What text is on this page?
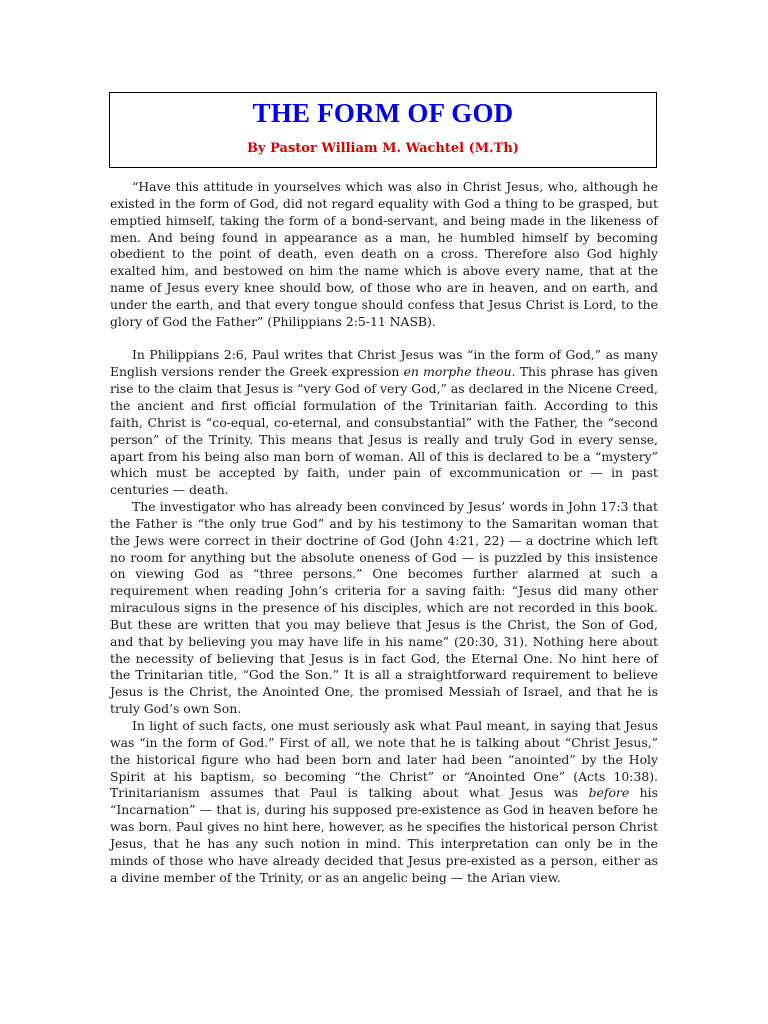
THE FORM OF GOD

By Pastor William M. Wachtel (M.Th)

“Have this attitude in yourselves which was also in Christ Jesus, who, although he existed in the form of God, did not regard equality with God a thing to be grasped, but emptied himself, taking the form of a bond-servant, and being made in the likeness of men. And being found in appearance as a man, he humbled himself by becoming obedient to the point of death, even death on a cross. Therefore also God highly exalted him, and bestowed on him the name which is above every name, that at the name of Jesus every knee should bow, of those who are in heaven, and on earth, and under the earth, and that every tongue should confess that Jesus Christ is Lord, to the glory of God the Father” (Philippians 2:5-11 NASB).

In Philippians 2:6, Paul writes that Christ Jesus was “in the form of God,” as many English versions render the Greek expression en morphe theou. This phrase has given rise to the claim that Jesus is “very God of very God,” as declared in the Nicene Creed, the ancient and first official formulation of the Trinitarian faith. According to this faith, Christ is “co-equal, co-eternal, and consubstantial” with the Father, the “second person” of the Trinity. This means that Jesus is really and truly God in every sense, apart from his being also man born of woman. All of this is declared to be a “mystery” which must be accepted by faith, under pain of excommunication or — in past centuries — death.

The investigator who has already been convinced by Jesus’ words in John 17:3 that the Father is “the only true God” and by his testimony to the Samaritan woman that the Jews were correct in their doctrine of God (John 4:21, 22) — a doctrine which left no room for anything but the absolute oneness of God — is puzzled by this insistence on viewing God as “three persons.” One becomes further alarmed at such a requirement when reading John’s criteria for a saving faith: “Jesus did many other miraculous signs in the presence of his disciples, which are not recorded in this book. But these are written that you may believe that Jesus is the Christ, the Son of God, and that by believing you may have life in his name” (20:30, 31). Nothing here about the necessity of believing that Jesus is in fact God, the Eternal One. No hint here of the Trinitarian title, “God the Son.” It is all a straightforward requirement to believe Jesus is the Christ, the Anointed One, the promised Messiah of Israel, and that he is truly God’s own Son.

In light of such facts, one must seriously ask what Paul meant, in saying that Jesus was “in the form of God.” First of all, we note that he is talking about “Christ Jesus,” the historical figure who had been born and later had been “anointed” by the Holy Spirit at his baptism, so becoming “the Christ” or “Anointed One” (Acts 10:38). Trinitarianism assumes that Paul is talking about what Jesus was before his “Incarnation” — that is, during his supposed pre-existence as God in heaven before he was born. Paul gives no hint here, however, as he specifies the historical person Christ Jesus, that he has any such notion in mind. This interpretation can only be in the minds of those who have already decided that Jesus pre-existed as a person, either as a divine member of the Trinity, or as an angelic being — the Arian view.
